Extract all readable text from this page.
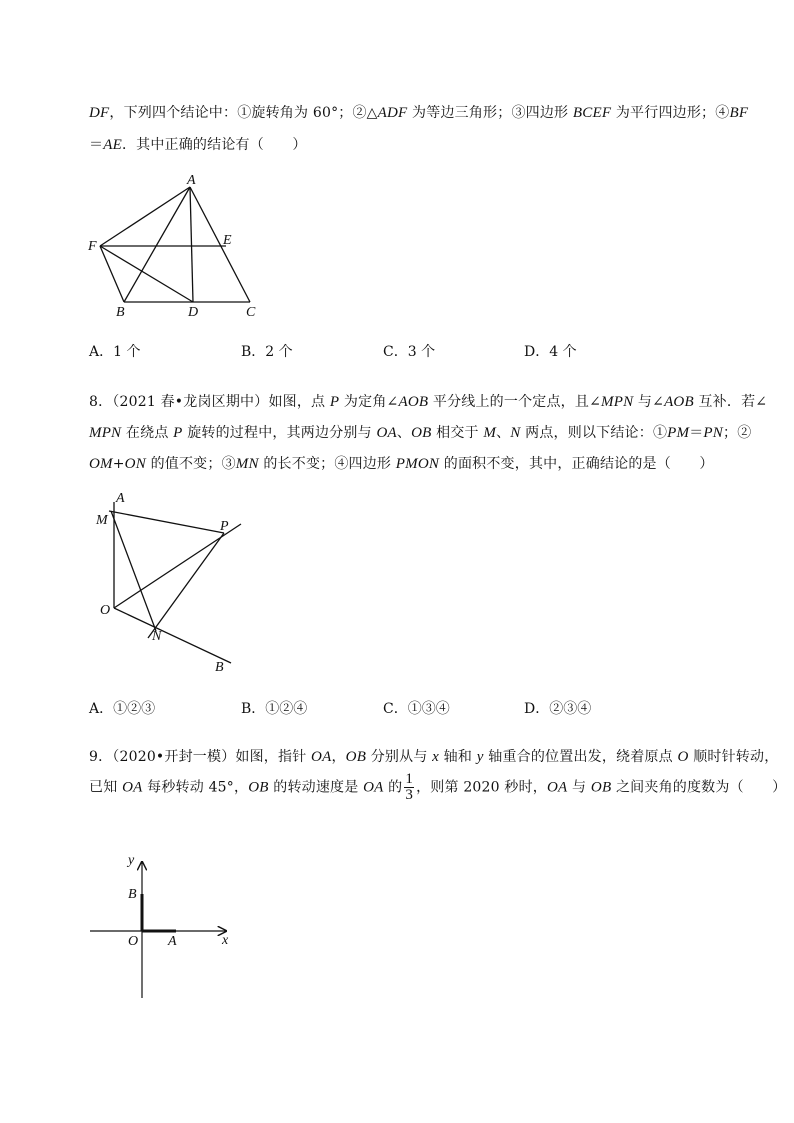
DF，下列四个结论中：①旋转角为 60°；②△ADF 为等边三角形；③四边形 BCEF 为平行四边形；④BF
＝AE．其中正确的结论有（　　）
A
F	E
B	D	C
A．1 个	B．2 个	C．3 个	D．4 个
8．（2021 春•龙岗区期中）如图，点 P 为定角∠AOB 平分线上的一个定点，且∠MPN 与∠AOB 互补．若∠
MPN 在绕点 P 旋转的过程中，其两边分别与 OA、OB 相交于 M、N 两点，则以下结论：①PM＝PN；②
OM+ON 的值不变；③MN 的长不变；④四边形 PMON 的面积不变，其中，正确结论的是（　　）
A
M	P
O
N
B
A．①②③	B．①②④	C．①③④	D．②③④
9．（2020•开封一模）如图，指针 OA，OB 分别从与 x 轴和 y 轴重合的位置出发，绕着原点 O 顺时针转动，
已知 OA 每秒转动 45°，OB 的转动速度是 OA 的 $\frac{1}{3}$ ，则第 2020 秒时，OA 与 OB 之间夹角的度数为（　　）
y
B
O A	x
